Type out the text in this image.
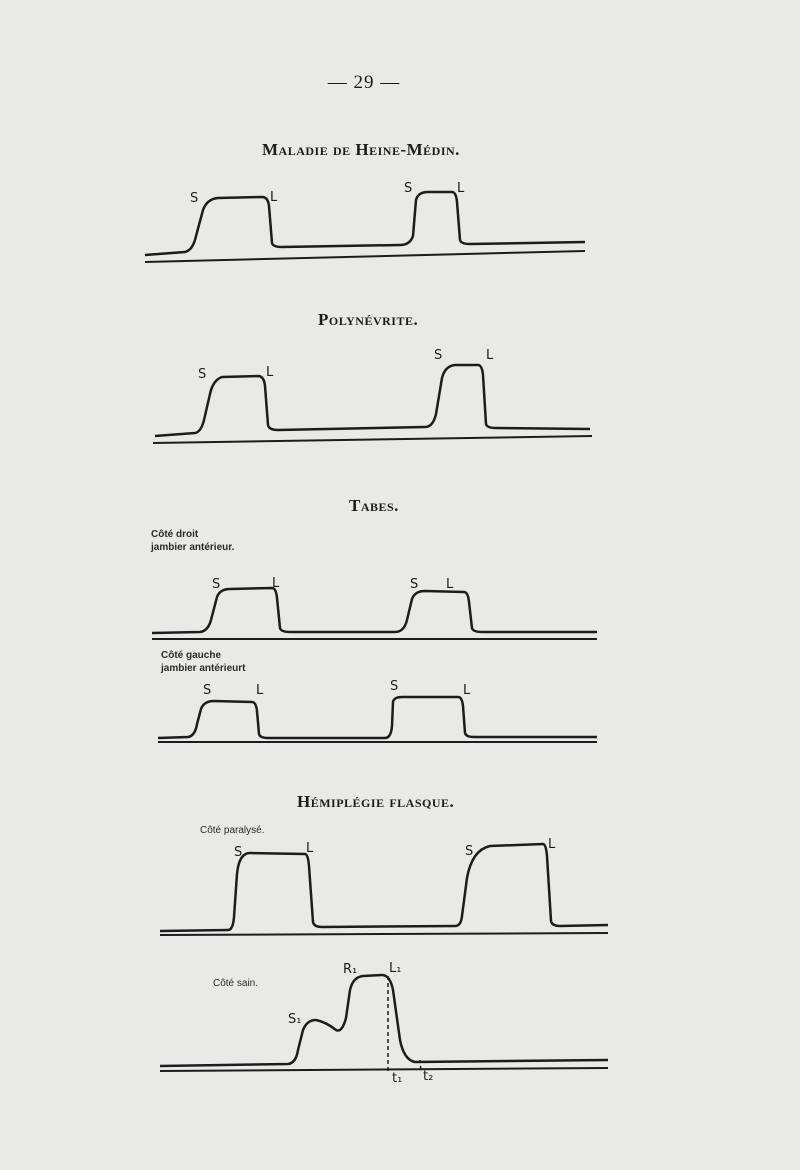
— 29 —
Maladie de Heine-Médin.
S	L
S	L
Polynévrite.
S	L
S	L
Tabes.
Côté droit
jambier antérieur.
S	L	S L
Côté gauche
jambier antérieurt
S	L	S	L
Hémiplégie flasque.
Côté paralysé.
S	L	S	L
Côté sain.
S₁
R₁ L₁
t₁ t₂
